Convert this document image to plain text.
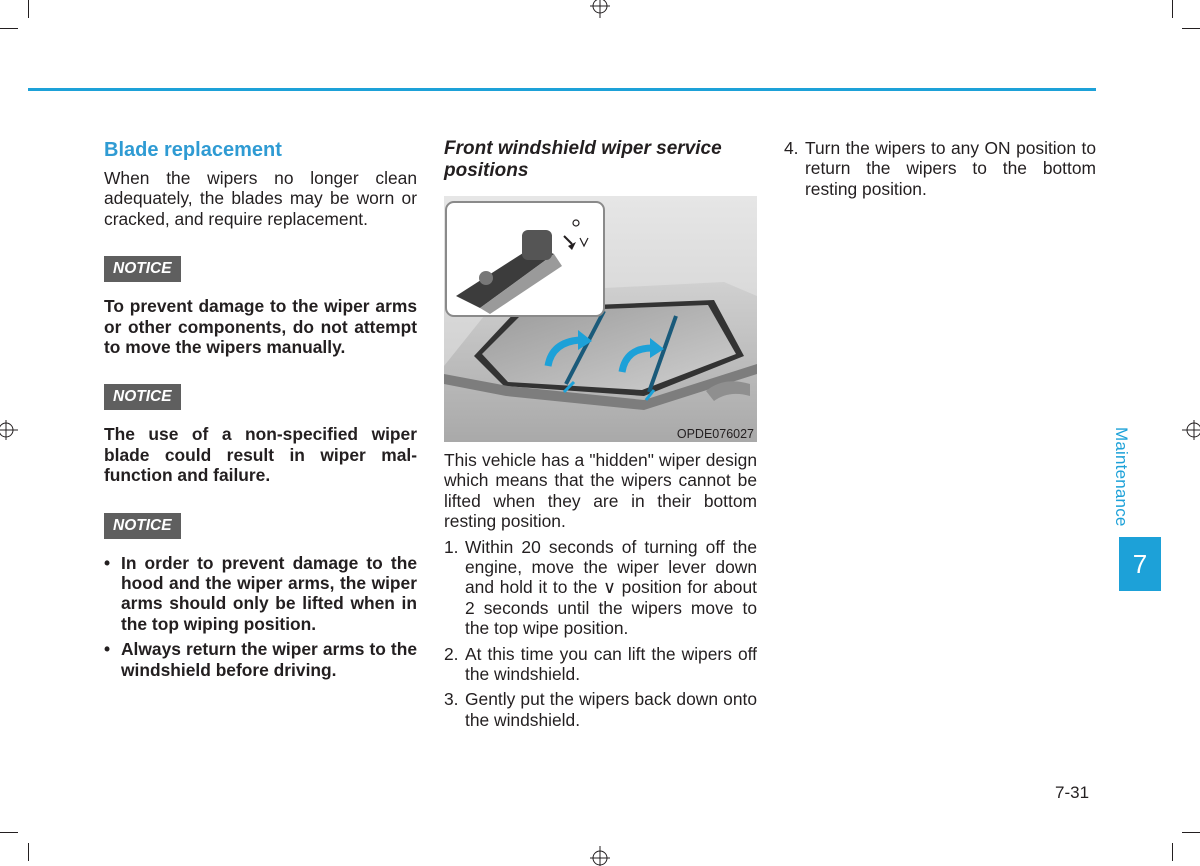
Blade replacement

When the wipers no longer clean adequately, the blades may be worn or cracked, and require replacement.

NOTICE

To prevent damage to the wiper arms or other components, do not attempt to move the wipers manually.

NOTICE

The use of a non-specified wiper blade could result in wiper mal-function and failure.

NOTICE
• In order to prevent damage to the hood and the wiper arms, the wiper arms should only be lifted when in the top wiping position.
• Always return the wiper arms to the windshield before driving.
Front windshield wiper service positions
OPDE076027

This vehicle has a "hidden" wiper design which means that the wipers cannot be lifted when they are in their bottom resting position.

1. Within 20 seconds of turning off the engine, move the wiper lever down and hold it to the ∨ position for about 2 seconds until the wipers move to the top wipe position.
2. At this time you can lift the wipers off the windshield.
3. Gently put the wipers back down onto the windshield.
4. Turn the wipers to any ON position to return the wipers to the bottom resting position.
Maintenance
7
7-31
